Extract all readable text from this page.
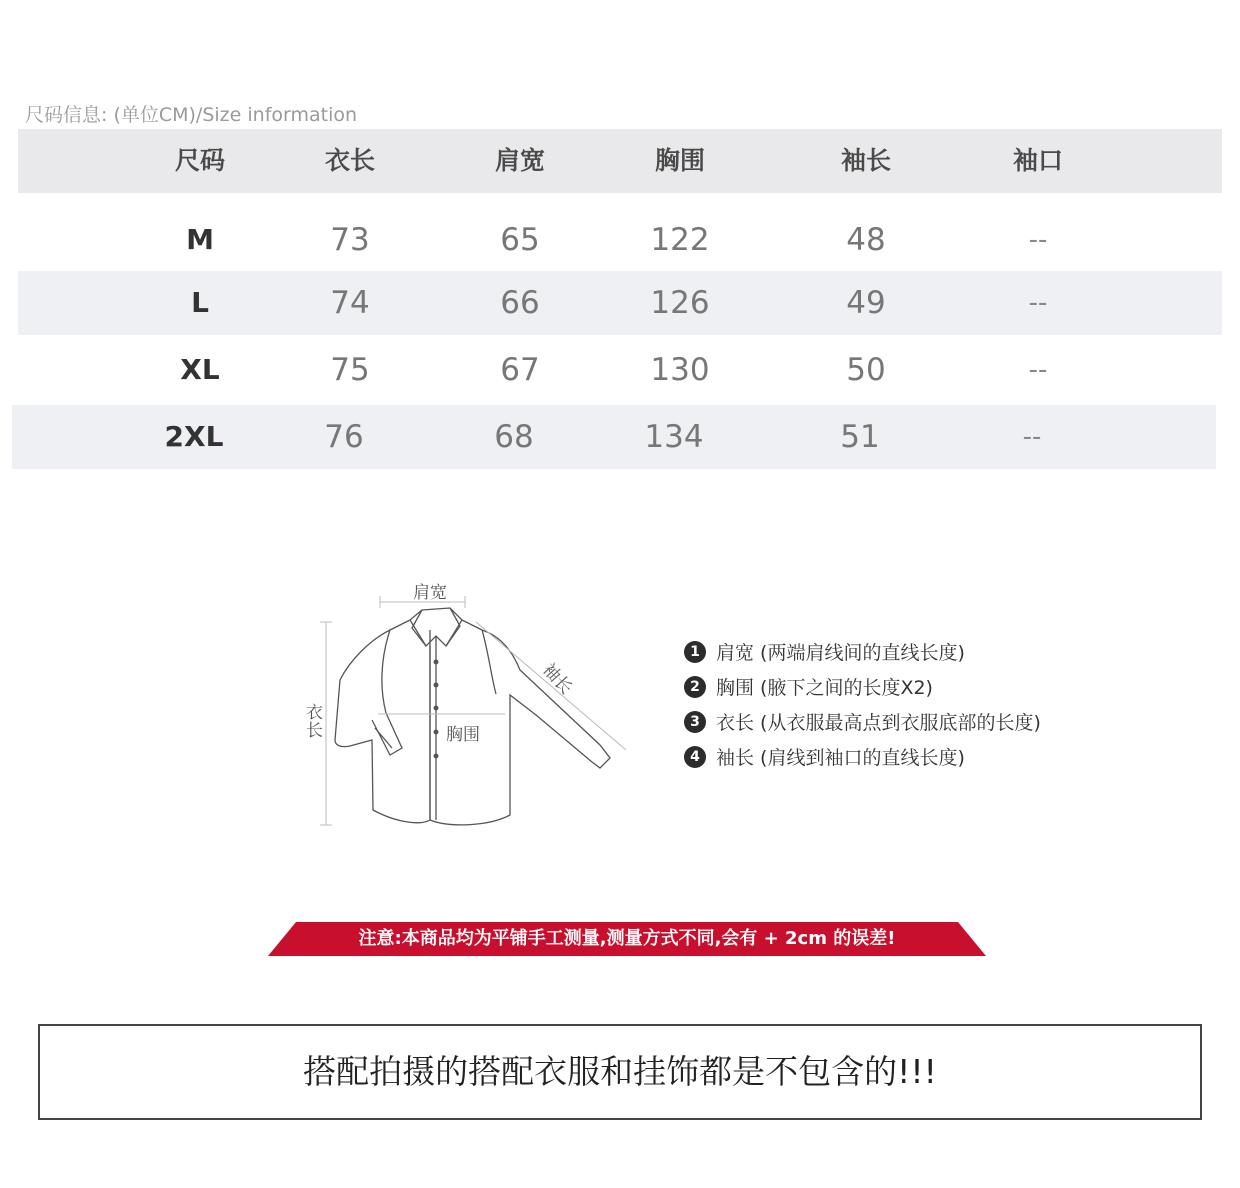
尺码信息: (单位CM)/Size information
尺码	衣长	肩宽	胸围	袖长	袖口
M	73	65	122	48	--
L	74	66	126	49	--
XL	75	67	130	50	--
2XL	76	68	134	51	--
肩宽
袖长
衣长	胸围
1 肩宽 (两端肩线间的直线长度)
2 胸围 (腋下之间的长度X2)
3 衣长 (从衣服最高点到衣服底部的长度)
4 袖长 (肩线到袖口的直线长度)
注意:本商品均为平铺手工测量,测量方式不同,会有 + 2cm 的误差!
搭配拍摄的搭配衣服和挂饰都是不包含的!!!
